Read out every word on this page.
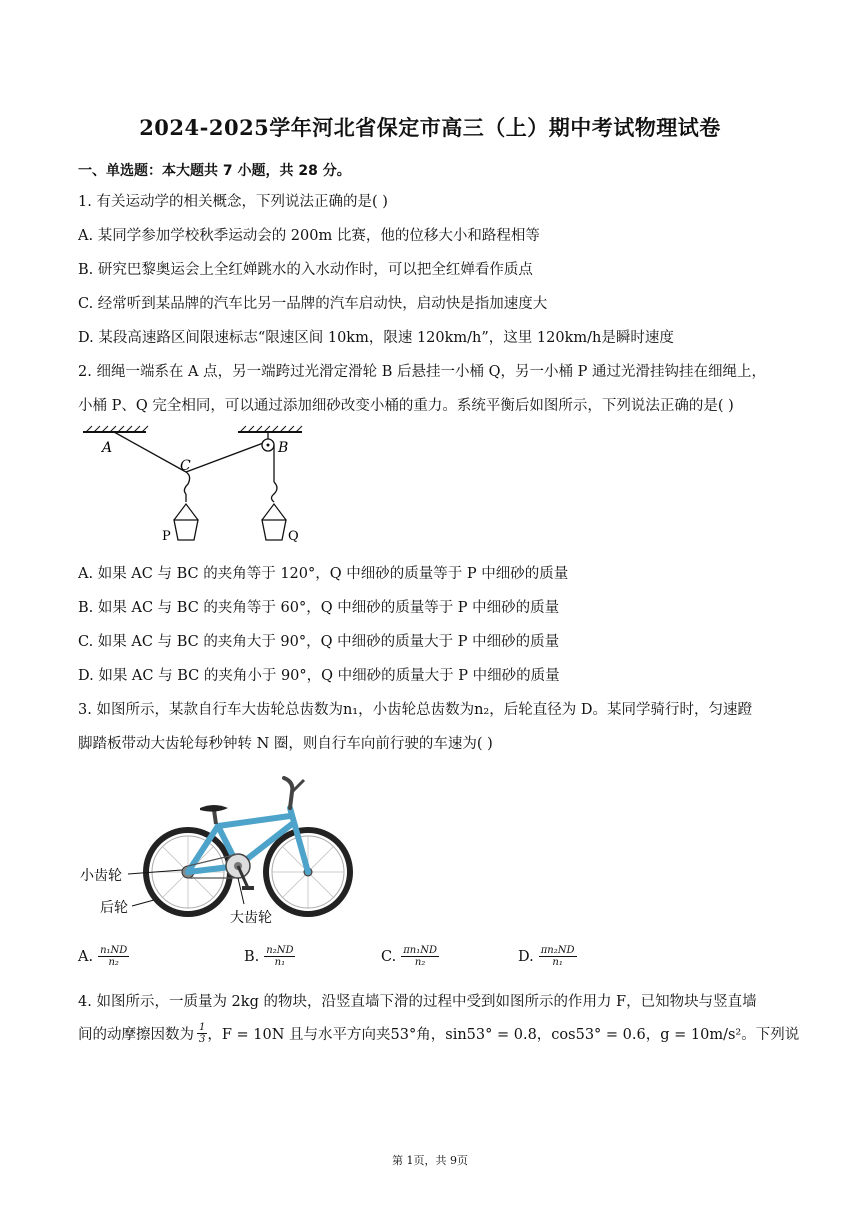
2024-2025学年河北省保定市高三（上）期中考试物理试卷
一、单选题：本大题共 7 小题，共 28 分。
1. 有关运动学的相关概念，下列说法正确的是( )
A. 某同学参加学校秋季运动会的 200m 比赛，他的位移大小和路程相等
B. 研究巴黎奥运会上全红婵跳水的入水动作时，可以把全红婵看作质点
C. 经常听到某品牌的汽车比另一品牌的汽车启动快，启动快是指加速度大
D. 某段高速路区间限速标志“限速区间 10km，限速 120km/h”，这里 120km/h是瞬时速度
2. 细绳一端系在 A 点，另一端跨过光滑定滑轮 B 后悬挂一小桶 Q，另一小桶 P 通过光滑挂钩挂在细绳上，
小桶 P、Q 完全相同，可以通过添加细砂改变小桶的重力。系统平衡后如图所示，下列说法正确的是( )
A	B
C
P	Q
A. 如果 AC 与 BC 的夹角等于 120°，Q 中细砂的质量等于 P 中细砂的质量
B. 如果 AC 与 BC 的夹角等于 60°，Q 中细砂的质量等于 P 中细砂的质量
C. 如果 AC 与 BC 的夹角大于 90°，Q 中细砂的质量大于 P 中细砂的质量
D. 如果 AC 与 BC 的夹角小于 90°，Q 中细砂的质量大于 P 中细砂的质量
3. 如图所示，某款自行车大齿轮总齿数为n₁，小齿轮总齿数为n₂，后轮直径为 D。某同学骑行时，匀速蹬
脚踏板带动大齿轮每秒钟转 N 圈，则自行车向前行驶的车速为( )
小齿轮
后轮
大齿轮
A. $\frac{\text{n₁ND}}{\text{n₂}}$	B. $\frac{\text{n₂ND}}{\text{n₁}}$	C. $\frac{\text{πn₁ND}}{\text{n₂}}$	D. $\frac{\text{πn₂ND}}{\text{n₁}}$
4. 如图所示，一质量为 2kg 的物块，沿竖直墙下滑的过程中受到如图所示的作用力 F，已知物块与竖直墙
间的动摩擦因数为 $\frac{1}{3}$ ，F = 10N 且与水平方向夹53°角，sin53° = 0.8，cos53° = 0.6，g = 10m/s²。下列说
第 1页，共 9页
